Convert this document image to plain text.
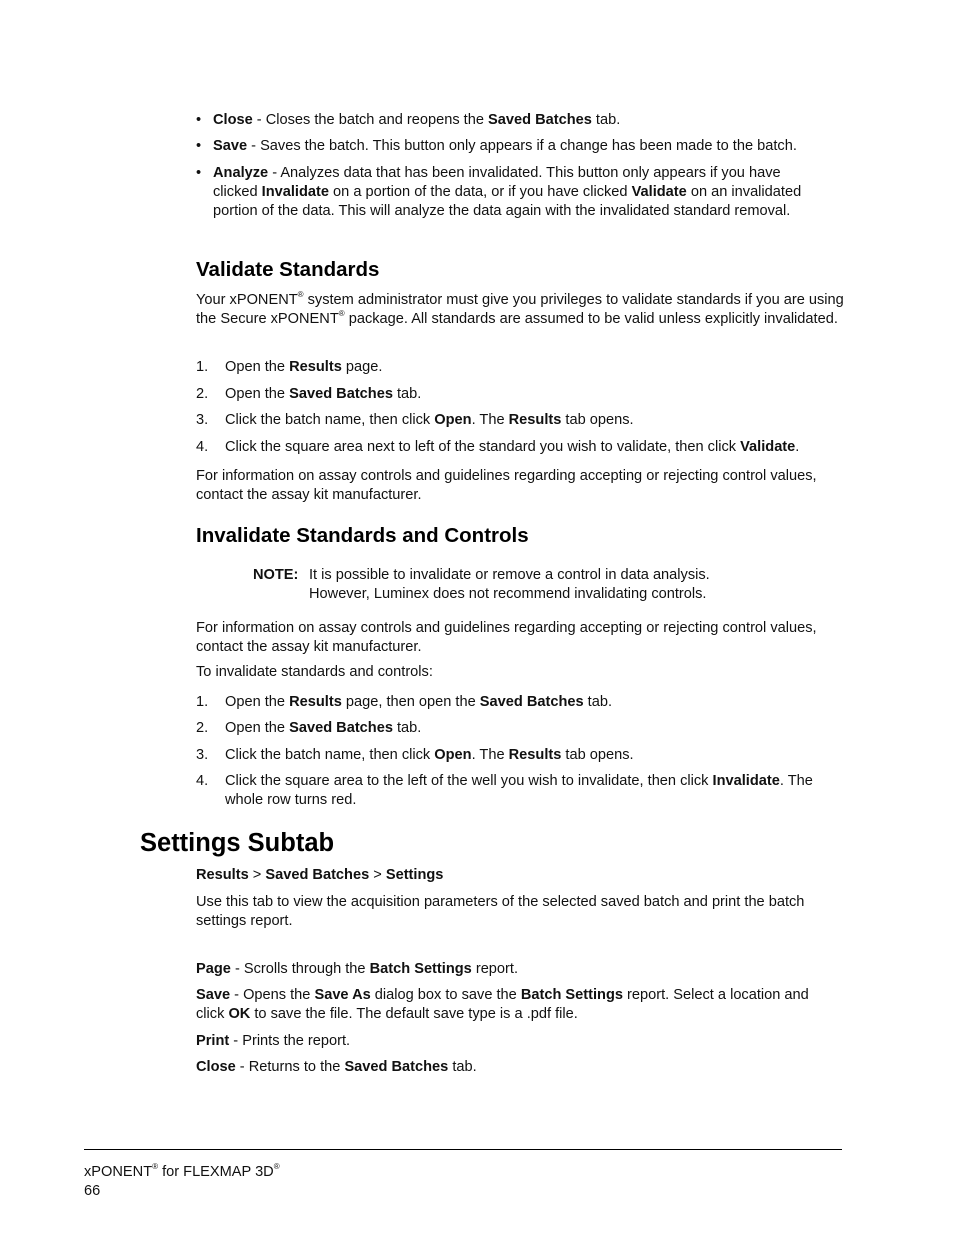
• Close - Closes the batch and reopens the Saved Batches tab.

• Save - Saves the batch. This button only appears if a change has been made to the batch.

• Analyze - Analyzes data that has been invalidated. This button only appears if you have clicked Invalidate on a portion of the data, or if you have clicked Validate on an invalidated portion of the data. This will analyze the data again with the invalidated standard removal.

Validate Standards

Your xPONENT® system administrator must give you privileges to validate standards if you are using the Secure xPONENT® package. All standards are assumed to be valid unless explicitly invalidated.

1. Open the Results page.

2. Open the Saved Batches tab.

3. Click the batch name, then click Open. The Results tab opens.

4. Click the square area next to left of the standard you wish to validate, then click Validate.

For information on assay controls and guidelines regarding accepting or rejecting control values, contact the assay kit manufacturer.

Invalidate Standards and Controls
NOTE: It is possible to invalidate or remove a control in data analysis. However, Luminex does not recommend invalidating controls.

For information on assay controls and guidelines regarding accepting or rejecting control values, contact the assay kit manufacturer.

To invalidate standards and controls:

1. Open the Results page, then open the Saved Batches tab.

2. Open the Saved Batches tab.

3. Click the batch name, then click Open. The Results tab opens.

4. Click the square area to the left of the well you wish to invalidate, then click Invalidate. The whole row turns red.

Settings Subtab

Results > Saved Batches > Settings

Use this tab to view the acquisition parameters of the selected saved batch and print the batch settings report.

Page - Scrolls through the Batch Settings report.

Save - Opens the Save As dialog box to save the Batch Settings report. Select a location and click OK to save the file. The default save type is a .pdf file.

Print - Prints the report.

Close - Returns to the Saved Batches tab.

xPONENT® for FLEXMAP 3D®

66
